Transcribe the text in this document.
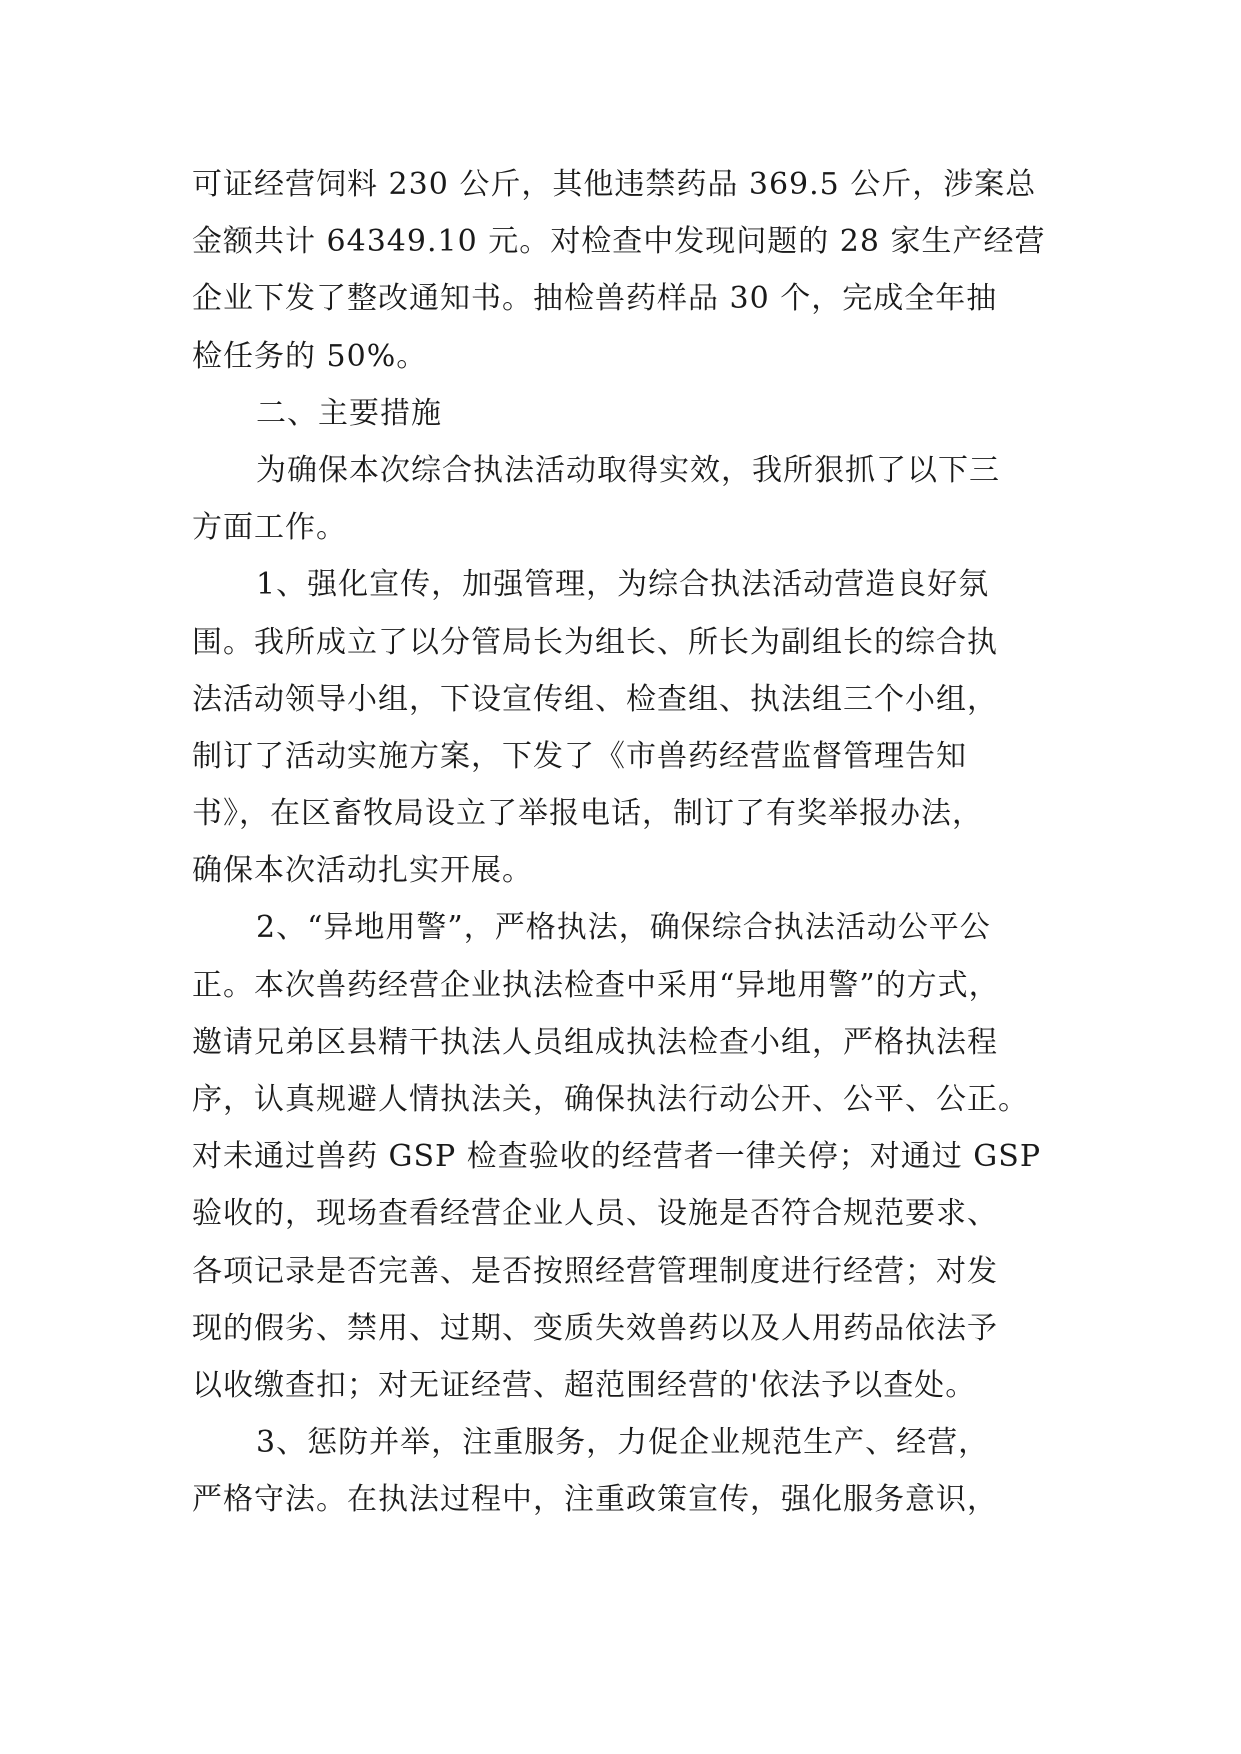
可证经营饲料 230 公斤，其他违禁药品 369.5 公斤，涉案总
金额共计 64349.10 元。对检查中发现问题的 28 家生产经营
企业下发了整改通知书。抽检兽药样品 30 个，完成全年抽
检任务的 50%。
二、主要措施
为确保本次综合执法活动取得实效，我所狠抓了以下三
方面工作。
1、强化宣传，加强管理，为综合执法活动营造良好氛
围。我所成立了以分管局长为组长、所长为副组长的综合执
法活动领导小组，下设宣传组、检查组、执法组三个小组，
制订了活动实施方案，下发了《市兽药经营监督管理告知
书》，在区畜牧局设立了举报电话，制订了有奖举报办法，
确保本次活动扎实开展。
2、“异地用警”，严格执法，确保综合执法活动公平公
正。本次兽药经营企业执法检查中采用“异地用警”的方式，
邀请兄弟区县精干执法人员组成执法检查小组，严格执法程
序，认真规避人情执法关，确保执法行动公开、公平、公正。
对未通过兽药 GSP 检查验收的经营者一律关停；对通过 GSP
验收的，现场查看经营企业人员、设施是否符合规范要求、
各项记录是否完善、是否按照经营管理制度进行经营；对发
现的假劣、禁用、过期、变质失效兽药以及人用药品依法予
以收缴查扣；对无证经营、超范围经营的'依法予以查处。
3、惩防并举，注重服务，力促企业规范生产、经营，
严格守法。在执法过程中，注重政策宣传，强化服务意识，
